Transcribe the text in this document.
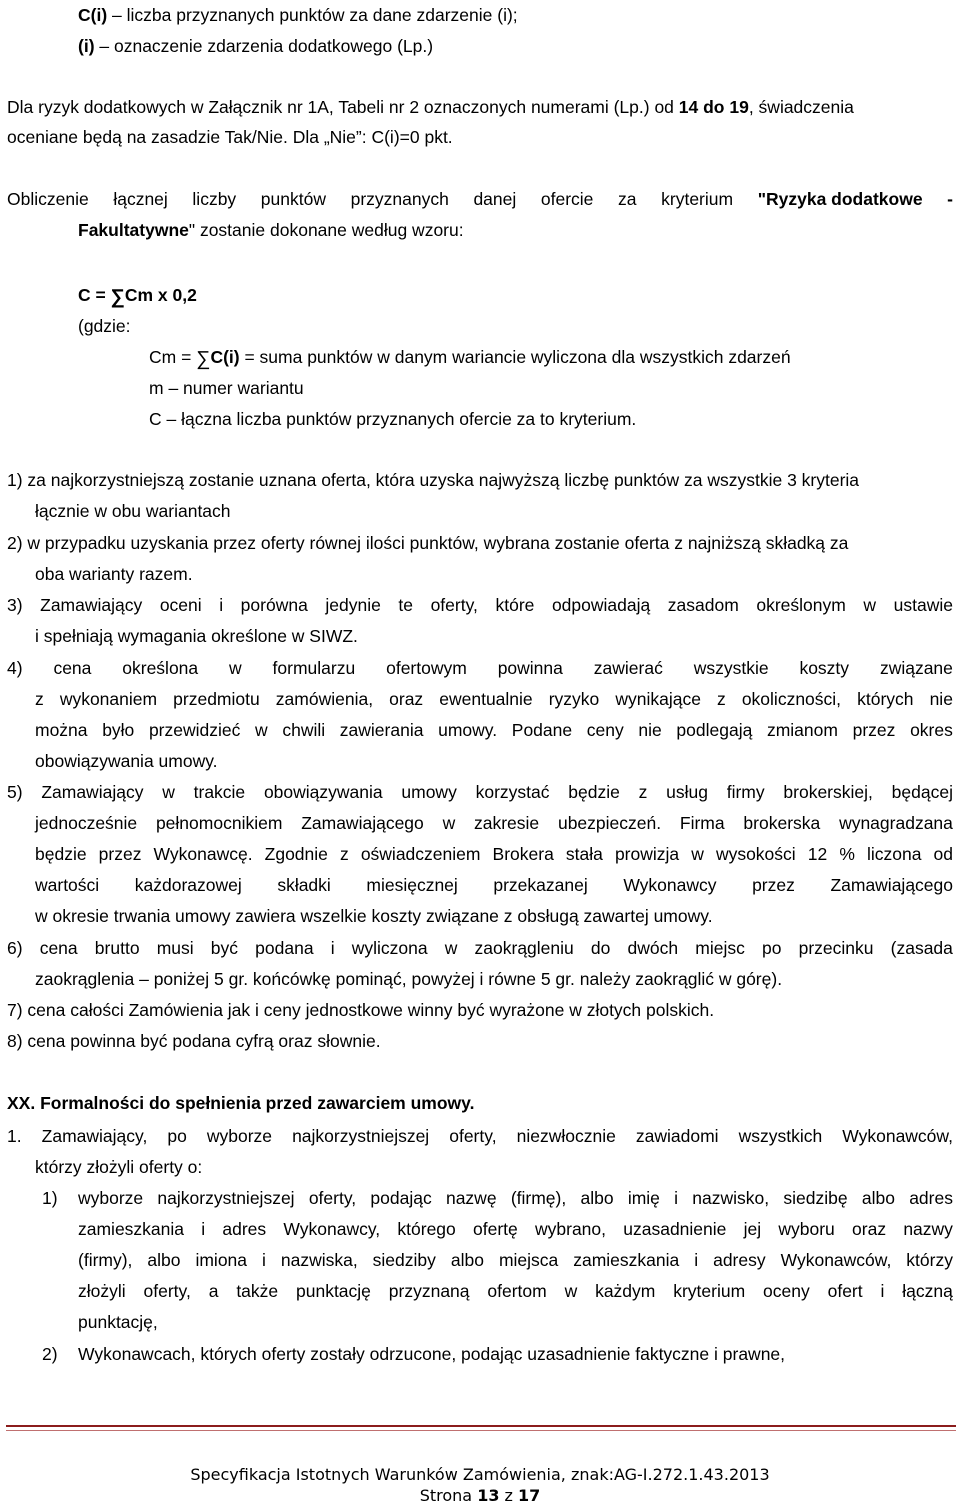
C(i) – liczba przyznanych punktów za dane zdarzenie (i);
(i) – oznaczenie zdarzenia dodatkowego (Lp.)
Dla ryzyk dodatkowych w Załącznik nr 1A, Tabeli nr 2 oznaczonych numerami (Lp.) od 14 do 19, świadczenia
oceniane będą na zasadzie Tak/Nie. Dla „Nie”: C(i)=0 pkt.
Obliczenie łącznej liczby punktów przyznanych danej ofercie za kryterium "Ryzyka dodatkowe -
Fakultatywne" zostanie dokonane według wzoru:
C = ∑Cm x 0,2
(gdzie:
Cm = ∑C(i) = suma punktów w danym wariancie wyliczona dla wszystkich zdarzeń
m – numer wariantu
C – łączna liczba punktów przyznanych ofercie za to kryterium.
1) za najkorzystniejszą zostanie uznana oferta, która uzyska najwyższą liczbę punktów za wszystkie 3 kryteria
łącznie w obu wariantach
2) w przypadku uzyskania przez oferty równej ilości punktów, wybrana zostanie oferta z najniższą składką za
oba warianty razem.
3) Zamawiający oceni i porówna jedynie te oferty, które odpowiadają zasadom określonym w ustawie
i spełniają wymagania określone w SIWZ.
4) cena określona w formularzu ofertowym powinna zawierać wszystkie koszty związane
z wykonaniem przedmiotu zamówienia, oraz ewentualnie ryzyko wynikające z okoliczności, których nie
można było przewidzieć w chwili zawierania umowy. Podane ceny nie podlegają zmianom przez okres
obowiązywania umowy.
5) Zamawiający w trakcie obowiązywania umowy korzystać będzie z usług firmy brokerskiej, będącej
jednocześnie pełnomocnikiem Zamawiającego w zakresie ubezpieczeń. Firma brokerska wynagradzana
będzie przez Wykonawcę. Zgodnie z oświadczeniem Brokera stała prowizja w wysokości 12 % liczona od
wartości każdorazowej składki miesięcznej przekazanej Wykonawcy przez Zamawiającego
w okresie trwania umowy zawiera wszelkie koszty związane z obsługą zawartej umowy.
6) cena brutto musi być podana i wyliczona w zaokrągleniu do dwóch miejsc po przecinku (zasada
zaokrąglenia – poniżej 5 gr. końcówkę pominąć, powyżej i równe 5 gr. należy zaokrąglić w górę).
7) cena całości Zamówienia jak i ceny jednostkowe winny być wyrażone w złotych polskich.
8) cena powinna być podana cyfrą oraz słownie.
XX. Formalności do spełnienia przed zawarciem umowy.
1. Zamawiający, po wyborze najkorzystniejszej oferty, niezwłocznie zawiadomi wszystkich Wykonawców,
którzy złożyli oferty o:
1) wyborze najkorzystniejszej oferty, podając nazwę (firmę), albo imię i nazwisko, siedzibę albo adres
zamieszkania i adres Wykonawcy, którego ofertę wybrano, uzasadnienie jej wyboru oraz nazwy
(firmy), albo imiona i nazwiska, siedziby albo miejsca zamieszkania i adresy Wykonawców, którzy
złożyli oferty, a także punktację przyznaną ofertom w każdym kryterium oceny ofert i łączną
punktację,
2) Wykonawcach, których oferty zostały odrzucone, podając uzasadnienie faktyczne i prawne,
Specyfikacja Istotnych Warunków Zamówienia, znak:AG-I.272.1.43.2013
Strona 13 z 17
